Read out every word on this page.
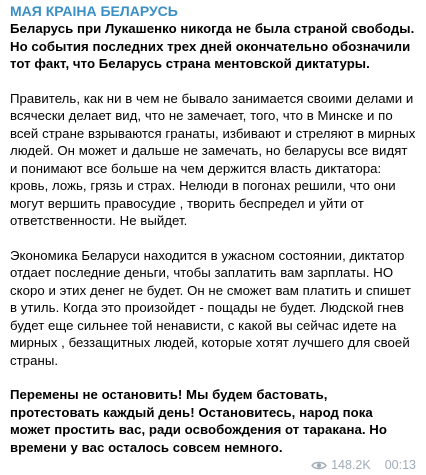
МАЯ КРАІНА БЕЛАРУСЬ

Беларусь при Лукашенко никогда не была страной свободы. Но события последних трех дней окончательно обозначили тот факт, что Беларусь страна ментовской диктатуры.

Правитель, как ни в чем не бывало занимается своими делами и всячески делает вид, что не замечает, того, что в Минске и по всей стране взрываются гранаты, избивают и стреляют в мирных людей. Он может и дальше не замечать, но беларусы все видят и понимают все больше на чем держится власть диктатора: кровь, ложь, грязь и страх. Нелюди в погонах решили, что они могут вершить правосудие , творить беспредел и уйти от ответственности. Не выйдет.

Экономика Беларуси находится в ужасном состоянии, диктатор отдает последние деньги, чтобы заплатить вам зарплаты. НО скоро и этих денег не будет. Он не сможет вам платить и спишет в утиль. Когда это произойдет - пощады не будет. Людской гнев будет еще сильнее той ненависти, с какой вы сейчас идете на мирных , беззащитных людей, которые хотят лучшего для своей страны.

Перемены не остановить! Мы будем бастовать, протестовать каждый день! Остановитесь, народ пока может простить вас, ради освобождения от таракана. Но времени у вас осталось совсем немного.

148.2K 00:13
